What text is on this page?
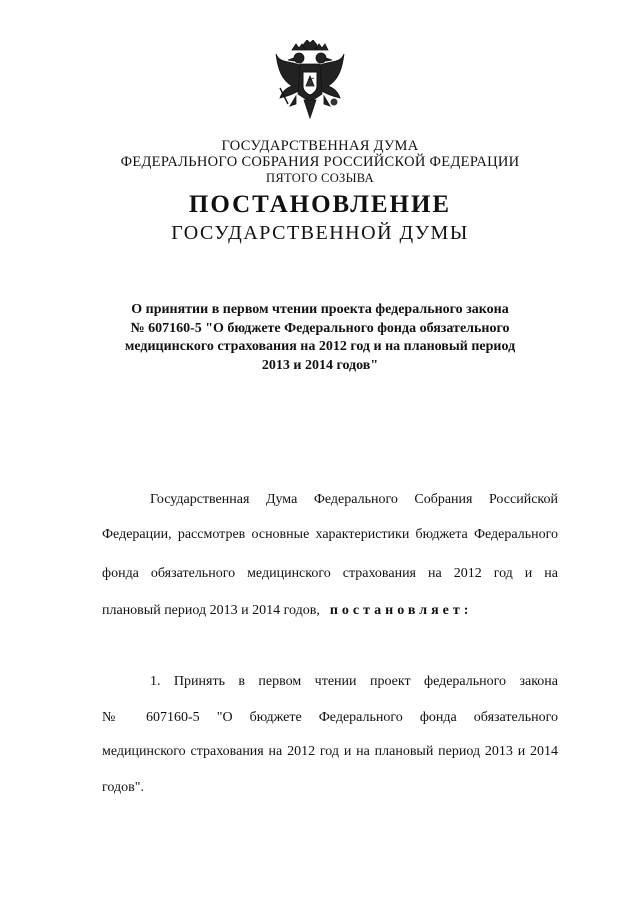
ГОСУДАРСТВЕННАЯ ДУМА
ФЕДЕРАЛЬНОГО СОБРАНИЯ РОССИЙСКОЙ ФЕДЕРАЦИИ
ПЯТОГО СОЗЫВА
ПОСТАНОВЛЕНИЕ
ГОСУДАРСТВЕННОЙ ДУМЫ
О принятии в первом чтении проекта федерального закона
№ 607160-5 "О бюджете Федерального фонда обязательного
медицинского страхования на 2012 год и на плановый период
2013 и 2014 годов"
Государственная Дума Федерального Собрания Российской
Федерации, рассмотрев основные характеристики бюджета Федерального
фонда обязательного медицинского страхования на 2012 год и на
плановый период 2013 и 2014 годов, постановляет:
1. Принять в первом чтении проект федерального закона
№ 607160-5 "О бюджете Федерального фонда обязательного
медицинского страхования на 2012 год и на плановый период 2013 и 2014
годов".
